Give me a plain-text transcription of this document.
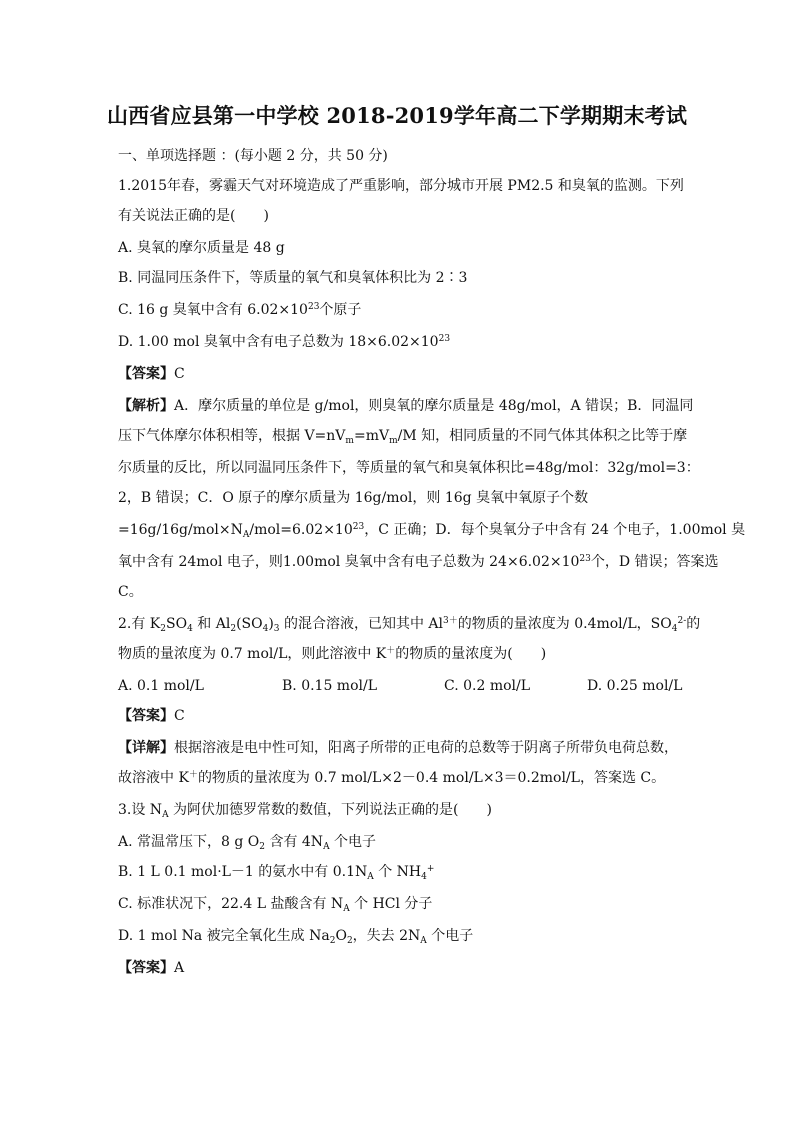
山西省应县第一中学校 2018-2019学年高二下学期期末考试
一、单项选择题 ：(每小题 2 分，共 50 分)
1.2015年春，雾霾天气对环境造成了严重影响，部分城市开展 PM2.5 和臭氧的监测。下列
有关说法正确的是(　　)
A. 臭氧的摩尔质量是 48 g
B. 同温同压条件下，等质量的氧气和臭氧体积比为 2∶3
C. 16 g 臭氧中含有 $6.02\times 10^{23}$个原子
D. 1.00 mol 臭氧中含有电子总数为 $18\times 6.02\times 10^{23}$
【答案】C
【解析】A．摩尔质量的单位是 g/mol，则臭氧的摩尔质量是 48g/mol，A 错误；B．同温同
压下气体摩尔体积相等，根据 $V=nV_m=mV_m/M$ 知，相同质量的不同气体其体积之比等于摩
尔质量的反比，所以同温同压条件下，等质量的氧气和臭氧体积比=48g/mol：32g/mol=3：
2，B 错误；C．O 原子的摩尔质量为 16g/mol，则 16g 臭氧中氧原子个数
$=16g/16g/mol\times N_A/mol=6.02\times 10^{23}$，C 正确；D．每个臭氧分子中含有 24 个电子，1.00mol 臭
氧中含有 24mol 电子，则1.00mol 臭氧中含有电子总数为 $24\times 6.02\times 10^{23}$个，D 错误；答案选
C。
2.有 $K_2SO_4$ 和 $Al_2(SO_4)_3$ 的混合溶液，已知其中 $Al^{3+}$的物质的量浓度为 0.4mol/L，$SO_4^{2-}$的
物质的量浓度为 0.7 mol/L，则此溶液中 K＋的物质的量浓度为(　　)
A. 0.1 mol/L	B. 0.15 mol/L	C. 0.2 mol/L	D. 0.25 mol/L
【答案】C
【详解】根据溶液是电中性可知，阳离子所带的正电荷的总数等于阴离子所带负电荷总数，
故溶液中 K＋的物质的量浓度为 0.7 mol/L×2－0.4 mol/L×3＝0.2mol/L，答案选 C。
3.设 $N_A$ 为阿伏加德罗常数的数值，下列说法正确的是(　　)
A. 常温常压下，8 g $O_2$ 含有 $4N_A$ 个电子
B. 1 L 0.1 mol·L－1 的氨水中有 $0.1N_A$ 个 $NH_4^+$
C. 标准状况下，22.4 L 盐酸含有 $N_A$ 个 HCl 分子
D. 1 mol Na 被完全氧化生成 $Na_2O_2$，失去 $2N_A$ 个电子
【答案】A
